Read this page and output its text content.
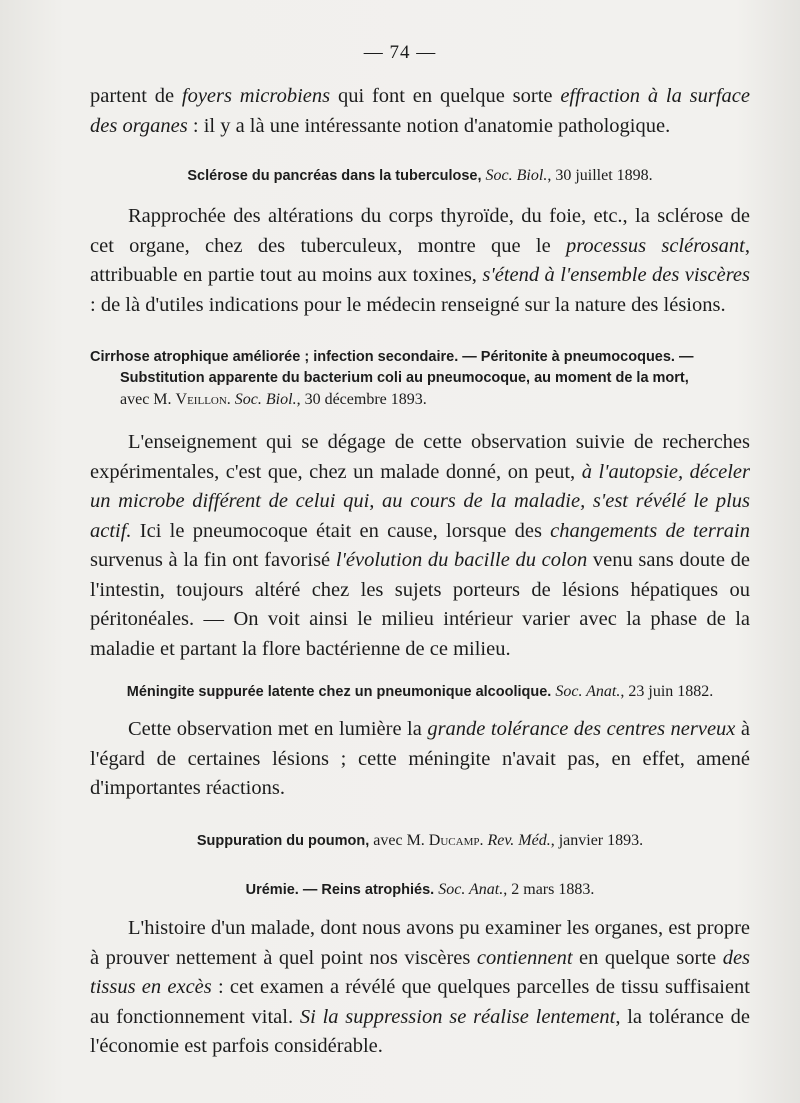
— 74 —

partent de foyers microbiens qui font en quelque sorte effraction à la surface des organes : il y a là une intéressante notion d'anatomie pathologique.

Sclérose du pancréas dans la tuberculose, Soc. Biol., 30 juillet 1898.

Rapprochée des altérations du corps thyroïde, du foie, etc., la sclérose de cet organe, chez des tuberculeux, montre que le processus sclérosant, attribuable en partie tout au moins aux toxines, s'étend à l'ensemble des viscères : de là d'utiles indications pour le médecin renseigné sur la nature des lésions.

Cirrhose atrophique améliorée ; infection secondaire. — Péritonite à pneumocoques. —
Substitution apparente du bacterium coli au pneumocoque, au moment de la mort,
avec M. Veillon. Soc. Biol., 30 décembre 1893.

L'enseignement qui se dégage de cette observation suivie de recherches expérimentales, c'est que, chez un malade donné, on peut, à l'autopsie, déceler un microbe différent de celui qui, au cours de la maladie, s'est révélé le plus actif. Ici le pneumocoque était en cause, lorsque des changements de terrain survenus à la fin ont favorisé l'évolution du bacille du colon venu sans doute de l'intestin, toujours altéré chez les sujets porteurs de lésions hépatiques ou péritonéales. — On voit ainsi le milieu intérieur varier avec la phase de la maladie et partant la flore bactérienne de ce milieu.

Méningite suppurée latente chez un pneumonique alcoolique. Soc. Anat., 23 juin 1882.

Cette observation met en lumière la grande tolérance des centres nerveux à l'égard de certaines lésions ; cette méningite n'avait pas, en effet, amené d'importantes réactions.

Suppuration du poumon, avec M. Ducamp. Rev. Méd., janvier 1893.
Urémie. — Reins atrophiés. Soc. Anat., 2 mars 1883.

L'histoire d'un malade, dont nous avons pu examiner les organes, est propre à prouver nettement à quel point nos viscères contiennent en quelque sorte des tissus en excès : cet examen a révélé que quelques parcelles de tissu suffisaient au fonctionnement vital. Si la suppression se réalise lentement, la tolérance de l'économie est parfois considérable.
